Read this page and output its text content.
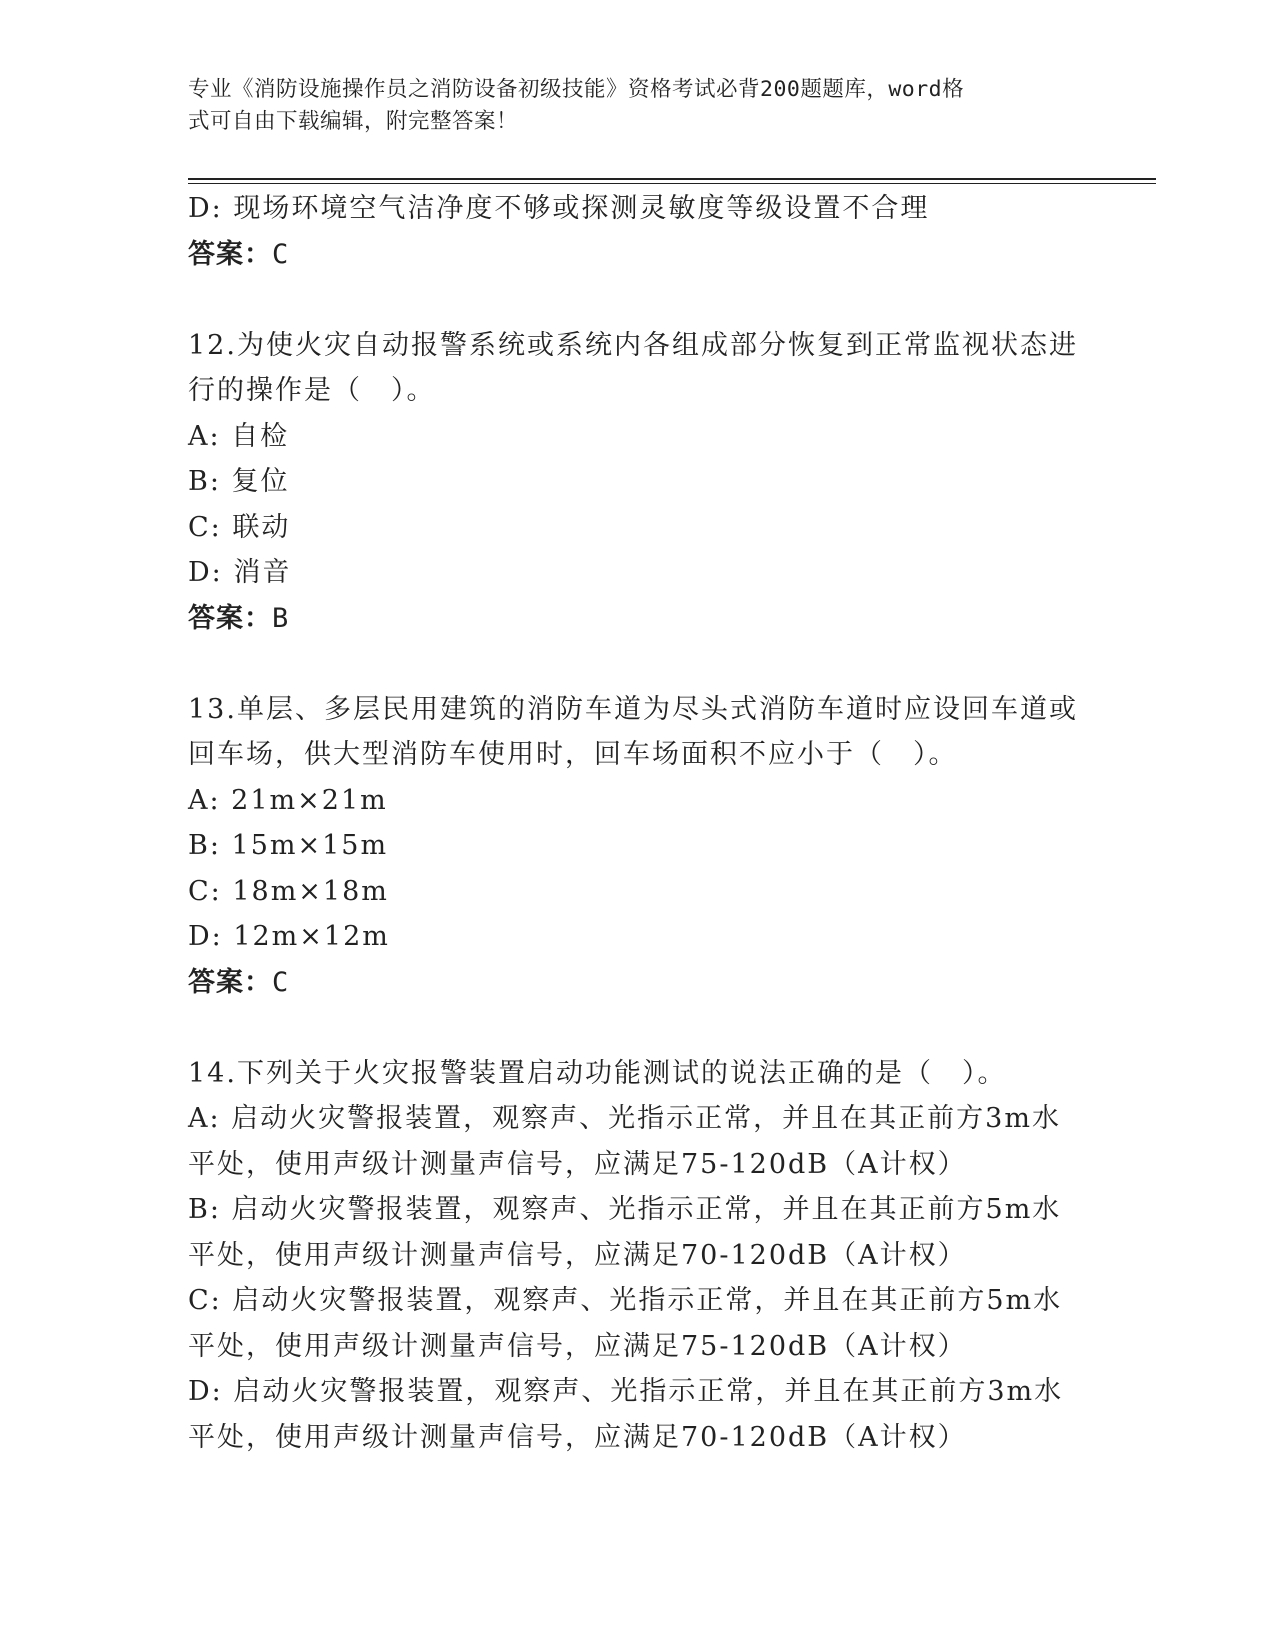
专业《消防设施操作员之消防设备初级技能》资格考试必背200题题库，word格
式可自由下载编辑，附完整答案！
D: 现场环境空气洁净度不够或探测灵敏度等级设置不合理
答案：C
12.为使火灾自动报警系统或系统内各组成部分恢复到正常监视状态进
行的操作是（　）。
A: 自检
B: 复位
C: 联动
D: 消音
答案：B
13.单层、多层民用建筑的消防车道为尽头式消防车道时应设回车道或
回车场，供大型消防车使用时，回车场面积不应小于（　）。
A: 21m×21m
B: 15m×15m
C: 18m×18m
D: 12m×12m
答案：C
14.下列关于火灾报警装置启动功能测试的说法正确的是（　）。
A: 启动火灾警报装置，观察声、光指示正常，并且在其正前方3m水
平处，使用声级计测量声信号，应满足75-120dB（A计权）
B: 启动火灾警报装置，观察声、光指示正常，并且在其正前方5m水
平处，使用声级计测量声信号，应满足70-120dB（A计权）
C: 启动火灾警报装置，观察声、光指示正常，并且在其正前方5m水
平处，使用声级计测量声信号，应满足75-120dB（A计权）
D: 启动火灾警报装置，观察声、光指示正常，并且在其正前方3m水
平处，使用声级计测量声信号，应满足70-120dB（A计权）
